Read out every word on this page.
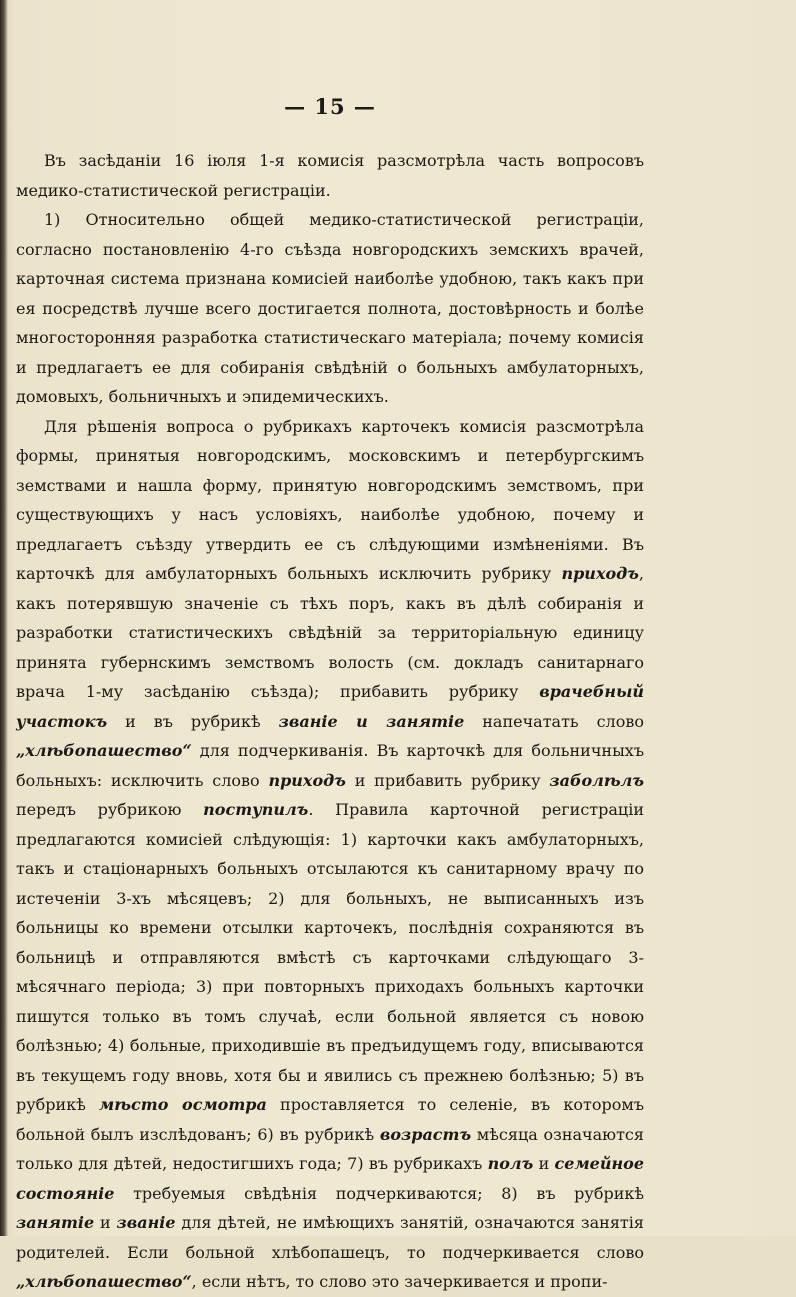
— 15 —

Въ засѣданіи 16 іюля 1-я комисія разсмотрѣла часть вопросовъ медико-статистической регистраціи.

1) Относительно общей медико-статистической регистраціи, согласно постановленію 4-го съѣзда новгородскихъ земскихъ врачей, карточная система признана комисіей наиболѣе удобною, такъ какъ при ея посредствѣ лучше всего достигается полнота, достовѣрность и болѣе многосторонняя разработка статистическаго матеріала; почему комисія и предлагаетъ ее для собиранія свѣдѣній о больныхъ амбулаторныхъ, домовыхъ, больничныхъ и эпидемическихъ.

Для рѣшенія вопроса о рубрикахъ карточекъ комисія разсмотрѣла формы, принятыя новгородскимъ, московскимъ и петербургскимъ земствами и нашла форму, принятую новгородскимъ земствомъ, при существующихъ у насъ условіяхъ, наиболѣе удобною, почему и предлагаетъ съѣзду утвердить ее съ слѣдующими измѣненіями. Въ карточкѣ для амбулаторныхъ больныхъ исключить рубрику приходъ, какъ потерявшую значеніе съ тѣхъ поръ, какъ въ дѣлѣ собиранія и разработки статистическихъ свѣдѣній за территоріальную единицу принята губернскимъ земствомъ волость (см. докладъ санитарнаго врача 1-му засѣданію съѣзда); прибавить рубрику врачебный участокъ и въ рубрикѣ званіе и занятіе напечатать слово „хлѣбопашество“ для подчеркиванія. Въ карточкѣ для больничныхъ больныхъ: исключить слово приходъ и прибавить рубрику заболѣлъ передъ рубрикою поступилъ. Правила карточной регистраціи предлагаются комисіей слѣдующія: 1) карточки какъ амбулаторныхъ, такъ и стаціонарныхъ больныхъ отсылаются къ санитарному врачу по истеченіи 3-хъ мѣсяцевъ; 2) для больныхъ, не выписанныхъ изъ больницы ко времени отсылки карточекъ, послѣднія сохраняются въ больницѣ и отправляются вмѣстѣ съ карточками слѣдующаго 3-мѣсячнаго періода; 3) при повторныхъ приходахъ больныхъ карточки пишутся только въ томъ случаѣ, если больной является съ новою болѣзнью; 4) больные, приходившіе въ предъидущемъ году, вписываются въ текущемъ году вновь, хотя бы и явились съ прежнею болѣзнью; 5) въ рубрикѣ мѣсто осмотра проставляется то селеніе, въ которомъ больной былъ изслѣдованъ; 6) въ рубрикѣ возрастъ мѣсяца означаются только для дѣтей, недостигшихъ года; 7) въ рубрикахъ полъ и семейное состояніе требуемыя свѣдѣнія подчеркиваются; 8) въ рубрикѣ занятіе и званіе для дѣтей, не имѣющихъ занятій, означаются занятія родителей. Если больной хлѣбопашецъ, то подчеркивается слово „хлѣбопашество“, если нѣтъ, то слово это зачеркивается и пропи-
